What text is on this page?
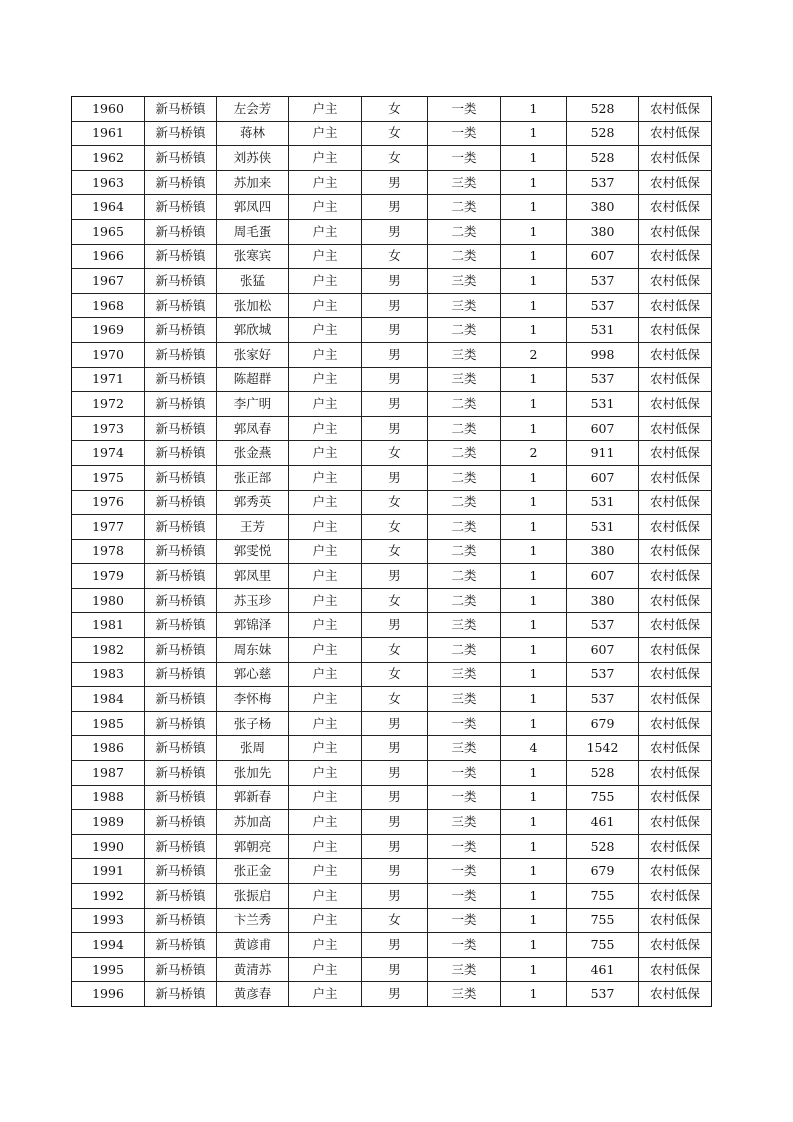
1960	新马桥镇	左会芳	户主	女	一类	1	528	农村低保
1961	新马桥镇	蒋林	户主	女	一类	1	528	农村低保
1962	新马桥镇	刘苏侠	户主	女	一类	1	528	农村低保
1963	新马桥镇	苏加来	户主	男	三类	1	537	农村低保
1964	新马桥镇	郭凤四	户主	男	二类	1	380	农村低保
1965	新马桥镇	周毛蛋	户主	男	二类	1	380	农村低保
1966	新马桥镇	张寒宾	户主	女	二类	1	607	农村低保
1967	新马桥镇	张猛	户主	男	三类	1	537	农村低保
1968	新马桥镇	张加松	户主	男	三类	1	537	农村低保
1969	新马桥镇	郭欣城	户主	男	二类	1	531	农村低保
1970	新马桥镇	张家好	户主	男	三类	2	998	农村低保
1971	新马桥镇	陈超群	户主	男	三类	1	537	农村低保
1972	新马桥镇	李广明	户主	男	二类	1	531	农村低保
1973	新马桥镇	郭凤春	户主	男	二类	1	607	农村低保
1974	新马桥镇	张金燕	户主	女	二类	2	911	农村低保
1975	新马桥镇	张正部	户主	男	二类	1	607	农村低保
1976	新马桥镇	郭秀英	户主	女	二类	1	531	农村低保
1977	新马桥镇	王芳	户主	女	二类	1	531	农村低保
1978	新马桥镇	郭雯悦	户主	女	二类	1	380	农村低保
1979	新马桥镇	郭凤里	户主	男	二类	1	607	农村低保
1980	新马桥镇	苏玉珍	户主	女	二类	1	380	农村低保
1981	新马桥镇	郭锦泽	户主	男	三类	1	537	农村低保
1982	新马桥镇	周东妹	户主	女	二类	1	607	农村低保
1983	新马桥镇	郭心慈	户主	女	三类	1	537	农村低保
1984	新马桥镇	李怀梅	户主	女	三类	1	537	农村低保
1985	新马桥镇	张子杨	户主	男	一类	1	679	农村低保
1986	新马桥镇	张周	户主	男	三类	4	1542	农村低保
1987	新马桥镇	张加先	户主	男	一类	1	528	农村低保
1988	新马桥镇	郭新春	户主	男	一类	1	755	农村低保
1989	新马桥镇	苏加高	户主	男	三类	1	461	农村低保
1990	新马桥镇	郭朝亮	户主	男	一类	1	528	农村低保
1991	新马桥镇	张正金	户主	男	一类	1	679	农村低保
1992	新马桥镇	张振启	户主	男	一类	1	755	农村低保
1993	新马桥镇	卞兰秀	户主	女	一类	1	755	农村低保
1994	新马桥镇	黄谚甫	户主	男	一类	1	755	农村低保
1995	新马桥镇	黄清苏	户主	男	三类	1	461	农村低保
1996	新马桥镇	黄彦春	户主	男	三类	1	537	农村低保
